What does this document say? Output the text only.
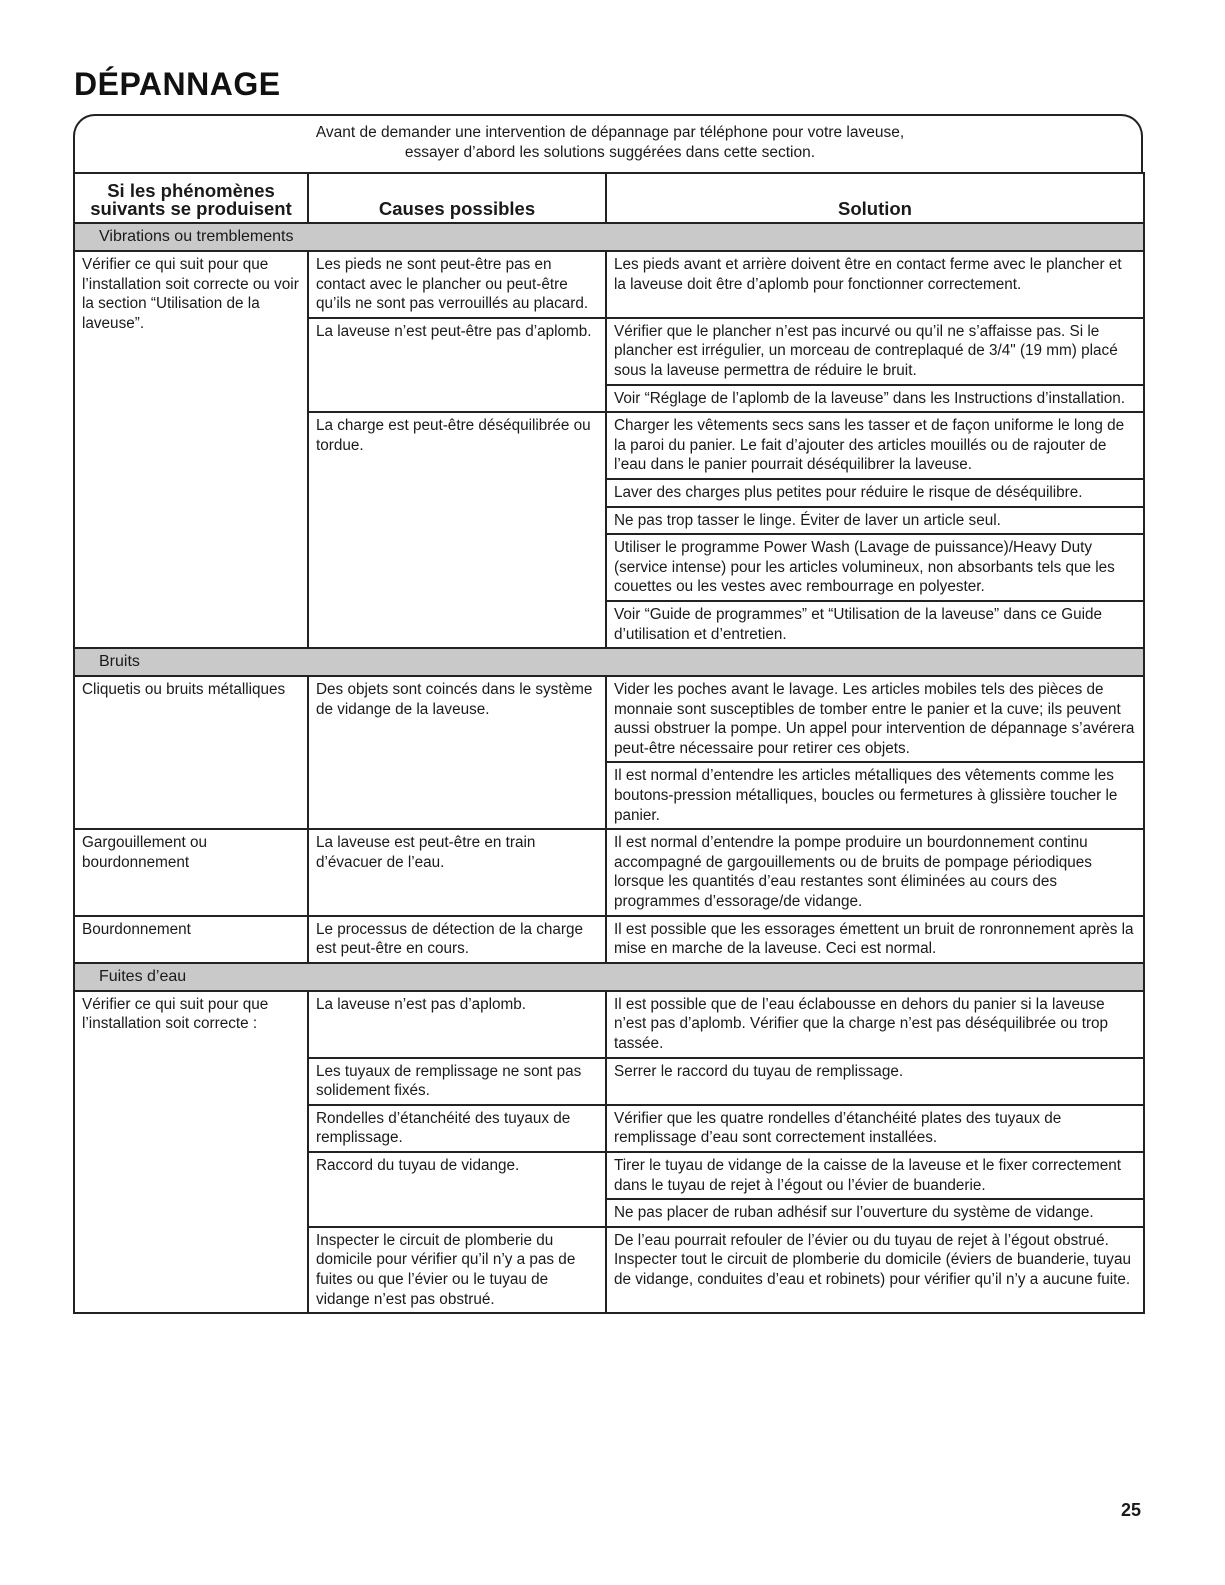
DÉPANNAGE
Avant de demander une intervention de dépannage par téléphone pour votre laveuse,
essayer d’abord les solutions suggérées dans cette section.
Si les phénomènes
suivants se produisent	Causes possibles	Solution
Vibrations ou tremblements		
Vérifier ce qui suit pour que l’installation soit correcte ou voir la section “Utilisation de la laveuse”.	Les pieds ne sont peut-être pas en contact avec le plancher ou peut-être qu’ils ne sont pas verrouillés au placard.	Les pieds avant et arrière doivent être en contact ferme avec le plancher et la laveuse doit être d’aplomb pour fonctionner correctement.
	La laveuse n’est peut-être pas d’aplomb.	Vérifier que le plancher n’est pas incurvé ou qu’il ne s’affaisse pas. Si le plancher est irrégulier, un morceau de contreplaqué de 3/4" (19 mm) placé sous la laveuse permettra de réduire le bruit.
		Voir “Réglage de l’aplomb de la laveuse” dans les Instructions d’installation.
	La charge est peut-être déséquilibrée ou tordue.	Charger les vêtements secs sans les tasser et de façon uniforme le long de la paroi du panier. Le fait d’ajouter des articles mouillés ou de rajouter de l’eau dans le panier pourrait déséquilibrer la laveuse.
		Laver des charges plus petites pour réduire le risque de déséquilibre.
		Ne pas trop tasser le linge. Éviter de laver un article seul.
		Utiliser le programme Power Wash (Lavage de puissance)/Heavy Duty (service intense) pour les articles volumineux, non absorbants tels que les couettes ou les vestes avec rembourrage en polyester.
		Voir “Guide de programmes” et “Utilisation de la laveuse” dans ce Guide d’utilisation et d’entretien.
Bruits		
Cliquetis ou bruits métalliques	Des objets sont coincés dans le système de vidange de la laveuse.	Vider les poches avant le lavage. Les articles mobiles tels des pièces de monnaie sont susceptibles de tomber entre le panier et la cuve; ils peuvent aussi obstruer la pompe. Un appel pour intervention de dépannage s’avérera peut-être nécessaire pour retirer ces objets.
		Il est normal d’entendre les articles métalliques des vêtements comme les boutons-pression métalliques, boucles ou fermetures à glissière toucher le panier.
Gargouillement ou bourdonnement	La laveuse est peut-être en train d’évacuer de l’eau.	Il est normal d’entendre la pompe produire un bourdonnement continu accompagné de gargouillements ou de bruits de pompage périodiques lorsque les quantités d’eau restantes sont éliminées au cours des programmes d’essorage/de vidange.
Bourdonnement	Le processus de détection de la charge est peut-être en cours.	Il est possible que les essorages émettent un bruit de ronronnement après la mise en marche de la laveuse. Ceci est normal.
Fuites d’eau		
Vérifier ce qui suit pour que l’installation soit correcte :	La laveuse n’est pas d’aplomb.	Il est possible que de l’eau éclabousse en dehors du panier si la laveuse n’est pas d’aplomb. Vérifier que la charge n’est pas déséquilibrée ou trop tassée.
	Les tuyaux de remplissage ne sont pas solidement fixés.	Serrer le raccord du tuyau de remplissage.
	Rondelles d’étanchéité des tuyaux de remplissage.	Vérifier que les quatre rondelles d’étanchéité plates des tuyaux de remplissage d’eau sont correctement installées.
	Raccord du tuyau de vidange.	Tirer le tuyau de vidange de la caisse de la laveuse et le fixer correctement dans le tuyau de rejet à l’égout ou l’évier de buanderie.
		Ne pas placer de ruban adhésif sur l’ouverture du système de vidange.
	Inspecter le circuit de plomberie du domicile pour vérifier qu’il n’y a pas de fuites ou que l’évier ou le tuyau de vidange n’est pas obstrué.	De l’eau pourrait refouler de l’évier ou du tuyau de rejet à l’égout obstrué. Inspecter tout le circuit de plomberie du domicile (éviers de buanderie, tuyau de vidange, conduites d’eau et robinets) pour vérifier qu’il n’y a aucune fuite.
25
